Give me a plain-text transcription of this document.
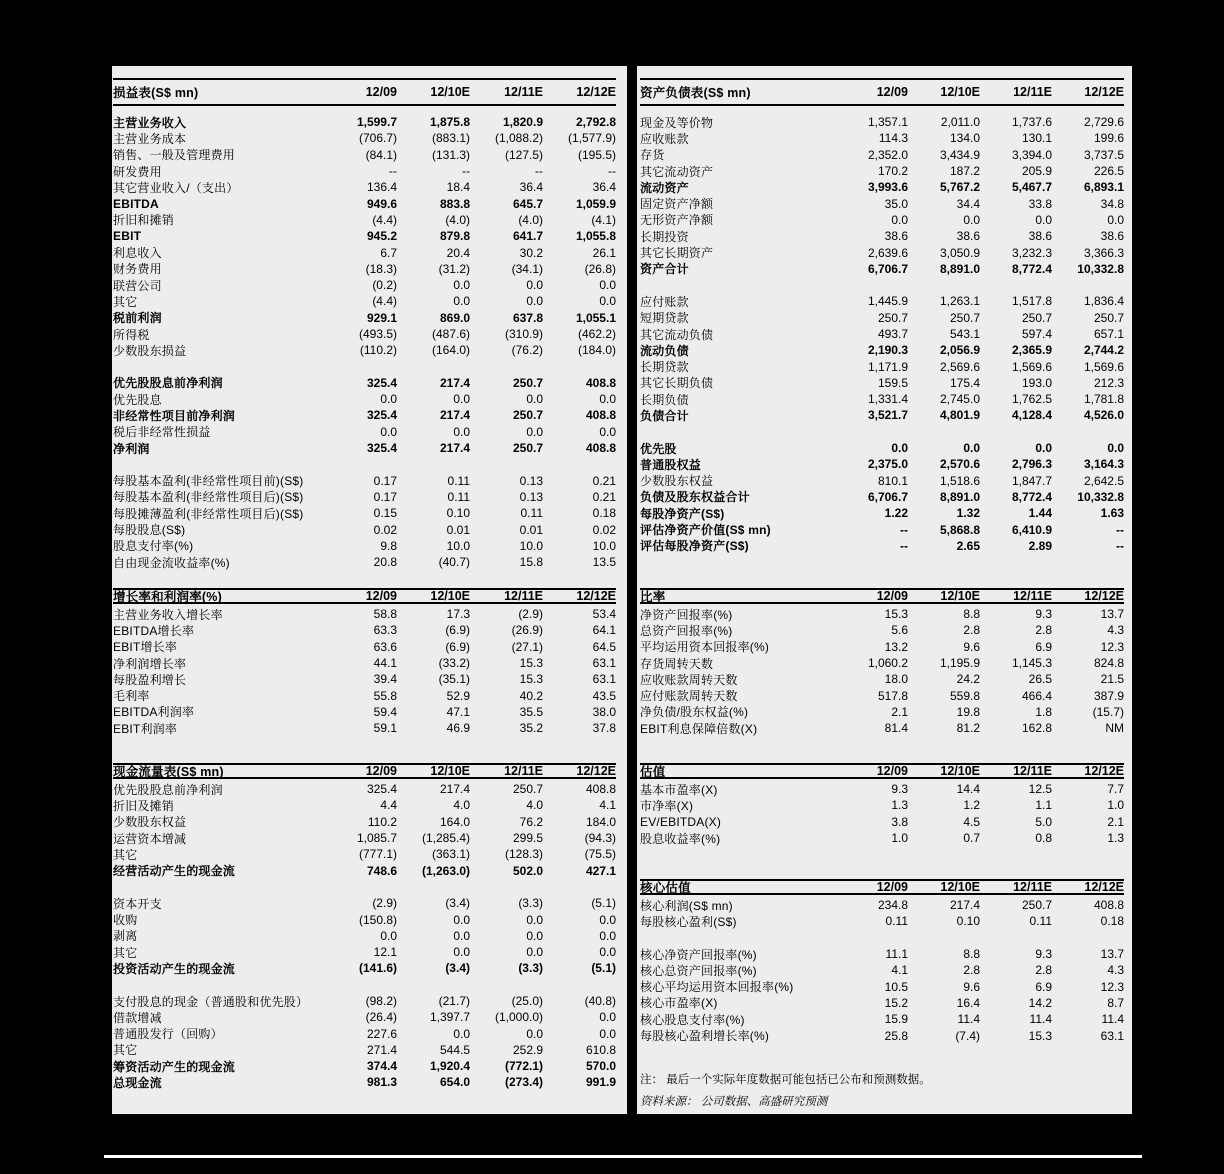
损益表(S$ mn)	12/09	12/10E	12/11E	12/12E
主营业务收入	1,599.7	1,875.8	1,820.9	2,792.8
主营业务成本	(706.7)	(883.1)	(1,088.2)	(1,577.9)
销售、一般及管理费用	(84.1)	(131.3)	(127.5)	(195.5)
研发费用	--	--	--	--
其它营业收入/（支出）	136.4	18.4	36.4	36.4
EBITDA	949.6	883.8	645.7	1,059.9
折旧和摊销	(4.4)	(4.0)	(4.0)	(4.1)
EBIT	945.2	879.8	641.7	1,055.8
利息收入	6.7	20.4	30.2	26.1
财务费用	(18.3)	(31.2)	(34.1)	(26.8)
联营公司	(0.2)	0.0	0.0	0.0
其它	(4.4)	0.0	0.0	0.0
税前利润	929.1	869.0	637.8	1,055.1
所得税	(493.5)	(487.6)	(310.9)	(462.2)
少数股东损益	(110.2)	(164.0)	(76.2)	(184.0)
优先股股息前净利润	325.4	217.4	250.7	408.8
优先股息	0.0	0.0	0.0	0.0
非经常性项目前净利润	325.4	217.4	250.7	408.8
税后非经常性损益	0.0	0.0	0.0	0.0
净利润	325.4	217.4	250.7	408.8
每股基本盈利(非经常性项目前)(S$)	0.17	0.11	0.13	0.21
每股基本盈利(非经常性项目后)(S$)	0.17	0.11	0.13	0.21
每股摊薄盈利(非经常性项目后)(S$)	0.15	0.10	0.11	0.18
每股股息(S$)	0.02	0.01	0.01	0.02
股息支付率(%)	9.8	10.0	10.0	10.0
自由现金流收益率(%)	20.8	(40.7)	15.8	13.5
资产负债表(S$ mn)	12/09	12/10E	12/11E	12/12E
现金及等价物	1,357.1	2,011.0	1,737.6	2,729.6
应收账款	114.3	134.0	130.1	199.6
存货	2,352.0	3,434.9	3,394.0	3,737.5
其它流动资产	170.2	187.2	205.9	226.5
流动资产	3,993.6	5,767.2	5,467.7	6,893.1
固定资产净额	35.0	34.4	33.8	34.8
无形资产净额	0.0	0.0	0.0	0.0
长期投资	38.6	38.6	38.6	38.6
其它长期资产	2,639.6	3,050.9	3,232.3	3,366.3
资产合计	6,706.7	8,891.0	8,772.4	10,332.8
应付账款	1,445.9	1,263.1	1,517.8	1,836.4
短期贷款	250.7	250.7	250.7	250.7
其它流动负债	493.7	543.1	597.4	657.1
流动负债	2,190.3	2,056.9	2,365.9	2,744.2
长期贷款	1,171.9	2,569.6	1,569.6	1,569.6
其它长期负债	159.5	175.4	193.0	212.3
长期负债	1,331.4	2,745.0	1,762.5	1,781.8
负债合计	3,521.7	4,801.9	4,128.4	4,526.0
优先股	0.0	0.0	0.0	0.0
普通股权益	2,375.0	2,570.6	2,796.3	3,164.3
少数股东权益	810.1	1,518.6	1,847.7	2,642.5
负债及股东权益合计	6,706.7	8,891.0	8,772.4	10,332.8
每股净资产(S$)	1.22	1.32	1.44	1.63
评估净资产价值(S$ mn)	--	5,868.8	6,410.9	--
评估每股净资产(S$)	--	2.65	2.89	--
增长率和利润率(%)	12/09	12/10E	12/11E	12/12E
主营业务收入增长率	58.8	17.3	(2.9)	53.4
EBITDA增长率	63.3	(6.9)	(26.9)	64.1
EBIT增长率	63.6	(6.9)	(27.1)	64.5
净利润增长率	44.1	(33.2)	15.3	63.1
每股盈利增长	39.4	(35.1)	15.3	63.1
毛利率	55.8	52.9	40.2	43.5
EBITDA利润率	59.4	47.1	35.5	38.0
EBIT利润率	59.1	46.9	35.2	37.8
比率	12/09	12/10E	12/11E	12/12E
净资产回报率(%)	15.3	8.8	9.3	13.7
总资产回报率(%)	5.6	2.8	2.8	4.3
平均运用资本回报率(%)	13.2	9.6	6.9	12.3
存货周转天数	1,060.2	1,195.9	1,145.3	824.8
应收账款周转天数	18.0	24.2	26.5	21.5
应付账款周转天数	517.8	559.8	466.4	387.9
净负债/股东权益(%)	2.1	19.8	1.8	(15.7)
EBIT利息保障倍数(X)	81.4	81.2	162.8	NM
现金流量表(S$ mn)	12/09	12/10E	12/11E	12/12E
优先股股息前净利润	325.4	217.4	250.7	408.8
折旧及摊销	4.4	4.0	4.0	4.1
少数股东权益	110.2	164.0	76.2	184.0
运营资本增减	1,085.7	(1,285.4)	299.5	(94.3)
其它	(777.1)	(363.1)	(128.3)	(75.5)
经营活动产生的现金流	748.6	(1,263.0)	502.0	427.1
资本开支	(2.9)	(3.4)	(3.3)	(5.1)
收购	(150.8)	0.0	0.0	0.0
剥离	0.0	0.0	0.0	0.0
其它	12.1	0.0	0.0	0.0
投资活动产生的现金流	(141.6)	(3.4)	(3.3)	(5.1)
支付股息的现金（普通股和优先股）	(98.2)	(21.7)	(25.0)	(40.8)
借款增减	(26.4)	1,397.7	(1,000.0)	0.0
普通股发行（回购）	227.6	0.0	0.0	0.0
其它	271.4	544.5	252.9	610.8
筹资活动产生的现金流	374.4	1,920.4	(772.1)	570.0
总现金流	981.3	654.0	(273.4)	991.9
估值	12/09	12/10E	12/11E	12/12E
基本市盈率(X)	9.3	14.4	12.5	7.7
市净率(X)	1.3	1.2	1.1	1.0
EV/EBITDA(X)	3.8	4.5	5.0	2.1
股息收益率(%)	1.0	0.7	0.8	1.3
核心估值	12/09	12/10E	12/11E	12/12E
核心利润(S$ mn)	234.8	217.4	250.7	408.8
每股核心盈利(S$)	0.11	0.10	0.11	0.18
核心净资产回报率(%)	11.1	8.8	9.3	13.7
核心总资产回报率(%)	4.1	2.8	2.8	4.3
核心平均运用资本回报率(%)	10.5	9.6	6.9	12.3
核心市盈率(X)	15.2	16.4	14.2	8.7
核心股息支付率(%)	15.9	11.4	11.4	11.4
每股核心盈利增长率(%)	25.8	(7.4)	15.3	63.1
注： 最后一个实际年度数据可能包括已公布和预测数据。
资料来源： 公司数据、高盛研究预测
